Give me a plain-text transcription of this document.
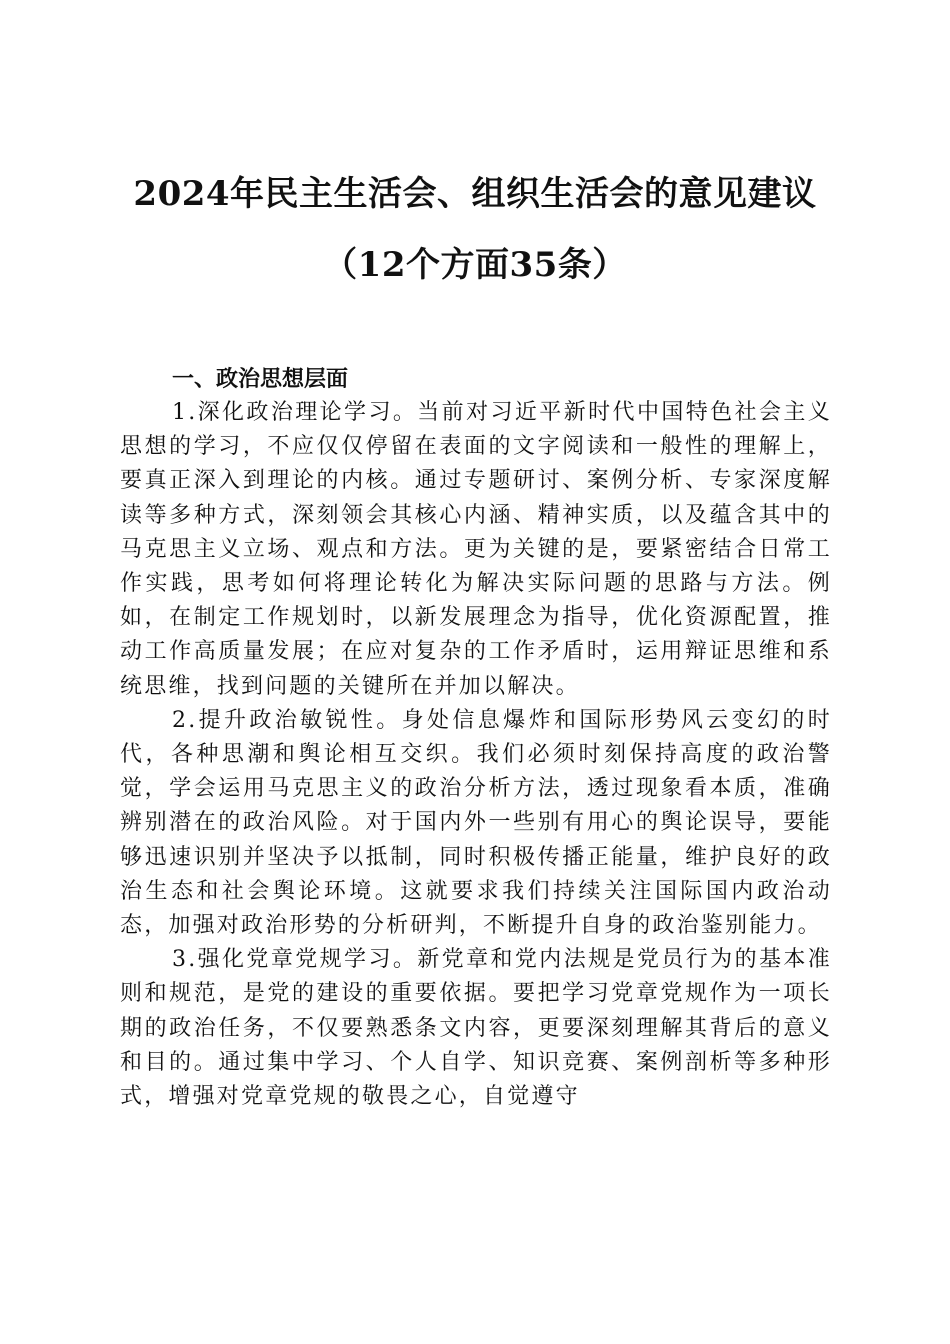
2024年民主生活会、组织生活会的意见建议
（12个方面35条）
一、政治思想层面

1.深化政治理论学习。当前对习近平新时代中国特色社会主义思想的学习，不应仅仅停留在表面的文字阅读和一般性的理解上，要真正深入到理论的内核。通过专题研讨、案例分析、专家深度解读等多种方式，深刻领会其核心内涵、精神实质，以及蕴含其中的马克思主义立场、观点和方法。更为关键的是，要紧密结合日常工作实践，思考如何将理论转化为解决实际问题的思路与方法。例如，在制定工作规划时，以新发展理念为指导，优化资源配置，推动工作高质量发展；在应对复杂的工作矛盾时，运用辩证思维和系统思维，找到问题的关键所在并加以解决。

2.提升政治敏锐性。身处信息爆炸和国际形势风云变幻的时代，各种思潮和舆论相互交织。我们必须时刻保持高度的政治警觉，学会运用马克思主义的政治分析方法，透过现象看本质，准确辨别潜在的政治风险。对于国内外一些别有用心的舆论误导，要能够迅速识别并坚决予以抵制，同时积极传播正能量，维护良好的政治生态和社会舆论环境。这就要求我们持续关注国际国内政治动态，加强对政治形势的分析研判，不断提升自身的政治鉴别能力。

3.强化党章党规学习。新党章和党内法规是党员行为的基本准则和规范，是党的建设的重要依据。要把学习党章党规作为一项长期的政治任务，不仅要熟悉条文内容，更要深刻理解其背后的意义和目的。通过集中学习、个人自学、知识竞赛、案例剖析等多种形式，增强对党章党规的敬畏之心，自觉遵守
